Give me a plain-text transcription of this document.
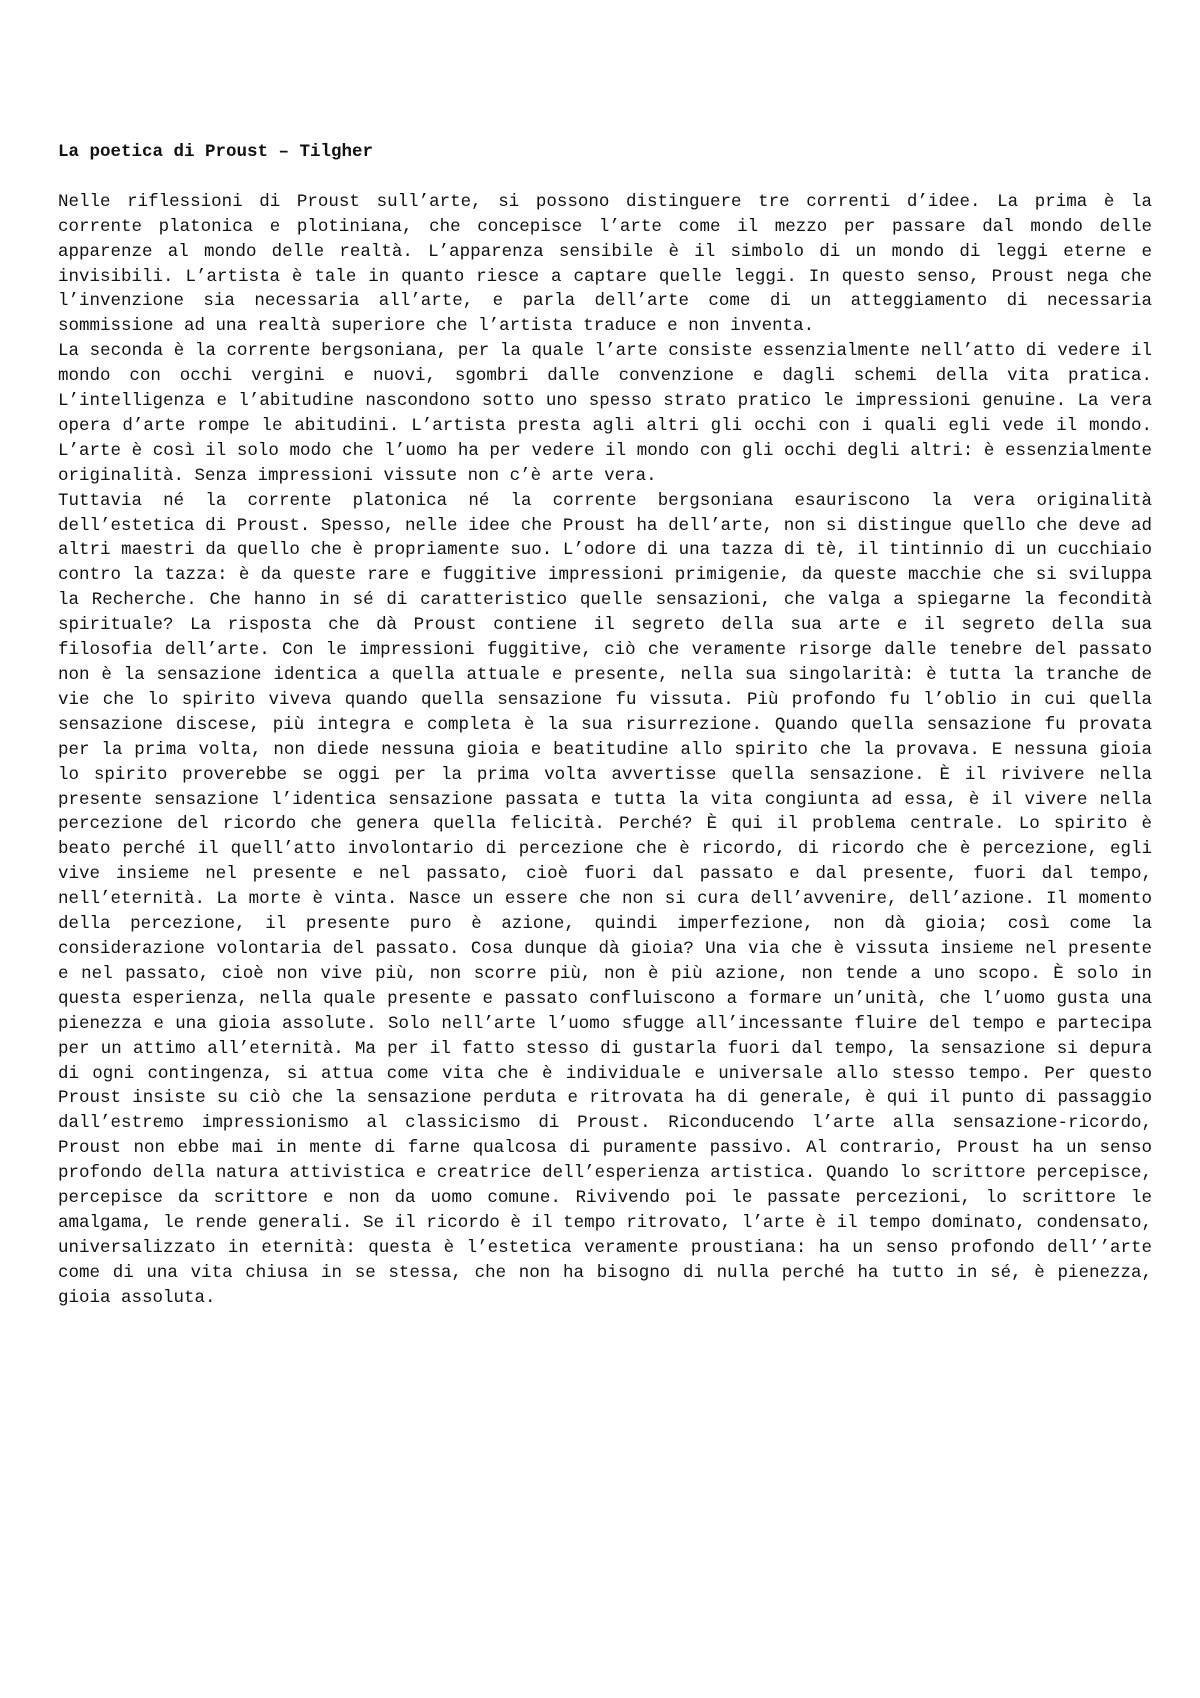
La poetica di Proust – Tilgher

Nelle riflessioni di Proust sull’arte, si possono distinguere tre correnti d’idee. La prima è la corrente platonica e plotiniana, che concepisce l’arte come il mezzo per passare dal mondo delle apparenze al mondo delle realtà. L’apparenza sensibile è il simbolo di un mondo di leggi eterne e invisibili. L’artista è tale in quanto riesce a captare quelle leggi. In questo senso, Proust nega che l’invenzione sia necessaria all’arte, e parla dell’arte come di un atteggiamento di necessaria sommissione ad una realtà superiore che l’artista traduce e non inventa.

La seconda è la corrente bergsoniana, per la quale l’arte consiste essenzialmente nell’atto di vedere il mondo con occhi vergini e nuovi, sgombri dalle convenzione e dagli schemi della vita pratica. L’intelligenza e l’abitudine nascondono sotto uno spesso strato pratico le impressioni genuine. La vera opera d’arte rompe le abitudini. L’artista presta agli altri gli occhi con i quali egli vede il mondo. L’arte è così il solo modo che l’uomo ha per vedere il mondo con gli occhi degli altri: è essenzialmente originalità. Senza impressioni vissute non c’è arte vera.

Tuttavia né la corrente platonica né la corrente bergsoniana esauriscono la vera originalità dell’estetica di Proust. Spesso, nelle idee che Proust ha dell’arte, non si distingue quello che deve ad altri maestri da quello che è propriamente suo. L’odore di una tazza di tè, il tintinnio di un cucchiaio contro la tazza: è da queste rare e fuggitive impressioni primigenie, da queste macchie che si sviluppa la Recherche. Che hanno in sé di caratteristico quelle sensazioni, che valga a spiegarne la fecondità spirituale? La risposta che dà Proust contiene il segreto della sua arte e il segreto della sua filosofia dell’arte. Con le impressioni fuggitive, ciò che veramente risorge dalle tenebre del passato non è la sensazione identica a quella attuale e presente, nella sua singolarità: è tutta la tranche de vie che lo spirito viveva quando quella sensazione fu vissuta. Più profondo fu l’oblio in cui quella sensazione discese, più integra e completa è la sua risurrezione. Quando quella sensazione fu provata per la prima volta, non diede nessuna gioia e beatitudine allo spirito che la provava. E nessuna gioia lo spirito proverebbe se oggi per la prima volta avvertisse quella sensazione. È il rivivere nella presente sensazione l’identica sensazione passata e tutta la vita congiunta ad essa, è il vivere nella percezione del ricordo che genera quella felicità. Perché? È qui il problema centrale. Lo spirito è beato perché il quell’atto involontario di percezione che è ricordo, di ricordo che è percezione, egli vive insieme nel presente e nel passato, cioè fuori dal passato e dal presente, fuori dal tempo, nell’eternità. La morte è vinta. Nasce un essere che non si cura dell’avvenire, dell’azione. Il momento della percezione, il presente puro è azione, quindi imperfezione, non dà gioia; così come la considerazione volontaria del passato. Cosa dunque dà gioia? Una via che è vissuta insieme nel presente e nel passato, cioè non vive più, non scorre più, non è più azione, non tende a uno scopo. È solo in questa esperienza, nella quale presente e passato confluiscono a formare un’unità, che l’uomo gusta una pienezza e una gioia assolute. Solo nell’arte l’uomo sfugge all’incessante fluire del tempo e partecipa per un attimo all’eternità. Ma per il fatto stesso di gustarla fuori dal tempo, la sensazione si depura di ogni contingenza, si attua come vita che è individuale e universale allo stesso tempo. Per questo Proust insiste su ciò che la sensazione perduta e ritrovata ha di generale, è qui il punto di passaggio dall’estremo impressionismo al classicismo di Proust. Riconducendo l’arte alla sensazione-ricordo, Proust non ebbe mai in mente di farne qualcosa di puramente passivo. Al contrario, Proust ha un senso profondo della natura attivistica e creatrice dell’esperienza artistica. Quando lo scrittore percepisce, percepisce da scrittore e non da uomo comune. Rivivendo poi le passate percezioni, lo scrittore le amalgama, le rende generali. Se il ricordo è il tempo ritrovato, l’arte è il tempo dominato, condensato, universalizzato in eternità: questa è l’estetica veramente proustiana: ha un senso profondo dell’’arte come di una vita chiusa in se stessa, che non ha bisogno di nulla perché ha tutto in sé, è pienezza, gioia assoluta.
